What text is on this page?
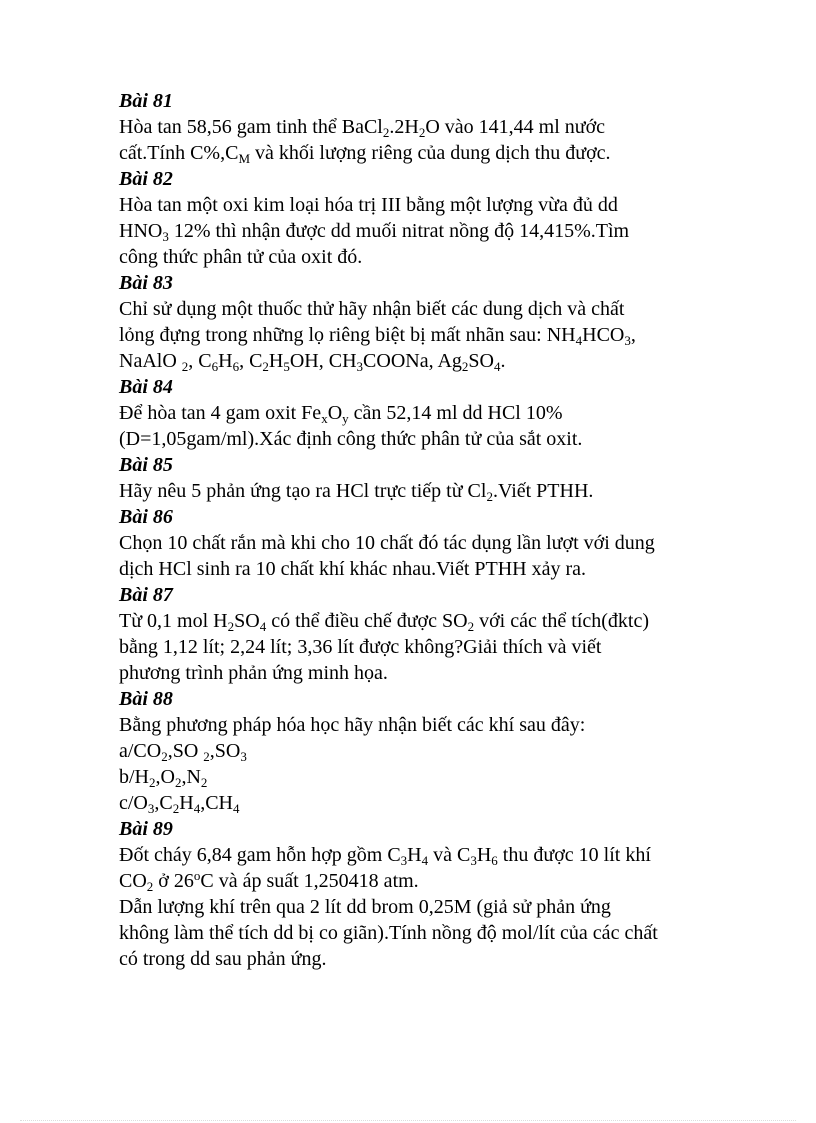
Bài 81
Hòa tan 58,56 gam tinh thể $BaCl_2.2H_2O$ vào 141,44 ml nước
cất.Tính $C\%,C_M$ và khối lượng riêng của dung dịch thu được.
Bài 82
Hòa tan một oxi kim loại hóa trị III bằng một lượng vừa đủ dd
$HNO_3$ 12% thì nhận được dd muối nitrat nồng độ 14,415%.Tìm
công thức phân tử của oxit đó.
Bài 83
Chỉ sử dụng một thuốc thử hãy nhận biết các dung dịch và chất
lỏng đựng trong những lọ riêng biệt bị mất nhãn sau: $NH_4HCO_3$,
NaAlO $_2$, $C_6H_6$, $C_2H_5OH$, $CH_3COONa$, $Ag_2SO_4$.
Bài 84
Để hòa tan 4 gam oxit $Fe_xO_y$ cần 52,14 ml dd HCl 10%
(D=1,05gam/ml).Xác định công thức phân tử của sắt oxit.
Bài 85
Hãy nêu 5 phản ứng tạo ra HCl trực tiếp từ $Cl_2.Viết$ PTHH.
Bài 86
Chọn 10 chất rắn mà khi cho 10 chất đó tác dụng lần lượt với dung
dịch HCl sinh ra 10 chất khí khác nhau.Viết PTHH xảy ra.
Bài 87
Từ 0,1 mol $H_2SO_4$ có thể điều chế được $SO_2$ với các thể tích(đktc)
bằng 1,12 lít; 2,24 lít; 3,36 lít được không?Giải thích và viết
phương trình phản ứng minh họa.
Bài 88
Bằng phương pháp hóa học hãy nhận biết các khí sau đây:
$a/CO_2,SO$ $_2,SO_3$
$b/H_2,O_2,N_2$
$c/O_3,C_2H_4,CH_4$
Bài 89
Đốt cháy 6,84 gam hỗn hợp gồm $C_3H_4$ và $C_3H_6$ thu được 10 lít khí
$CO_2$ ở 26$^o$C và áp suất 1,250418 atm.
Dẫn lượng khí trên qua 2 lít dd brom 0,25M (giả sử phản ứng
không làm thể tích dd bị co giãn).Tính nồng độ mol/lít của các chất
có trong dd sau phản ứng.
